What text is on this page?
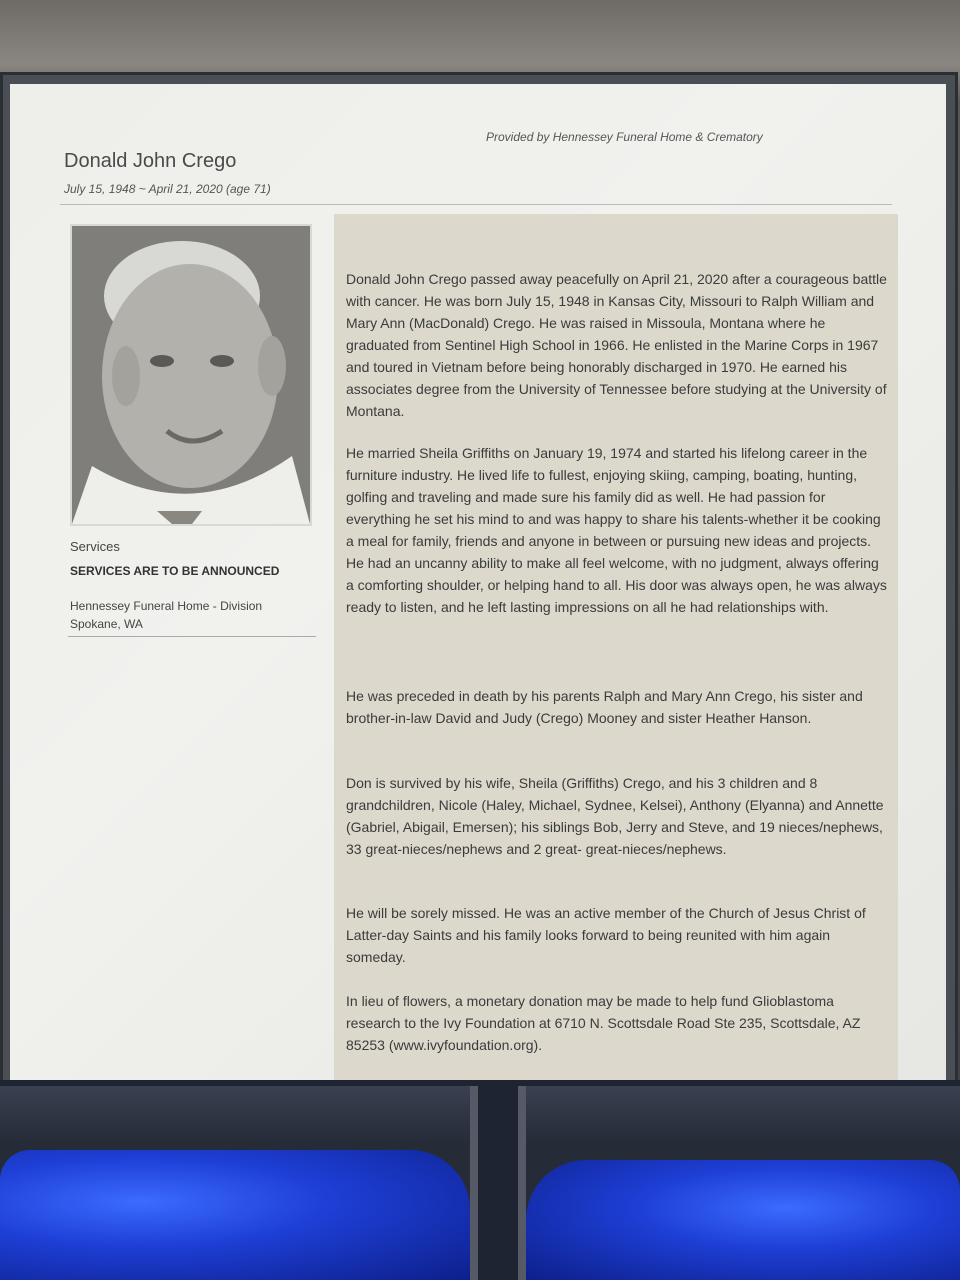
Provided by Hennessey Funeral Home & Crematory
Donald John Crego
July 15, 1948 ~ April 21, 2020 (age 71)
Services
SERVICES ARE TO BE ANNOUNCED
Hennessey Funeral Home - Division
Spokane, WA

Donald John Crego passed away peacefully on April 21, 2020 after a courageous battle with cancer. He was born July 15, 1948 in Kansas City, Missouri to Ralph William and Mary Ann (MacDonald) Crego. He was raised in Missoula, Montana where he graduated from Sentinel High School in 1966. He enlisted in the Marine Corps in 1967 and toured in Vietnam before being honorably discharged in 1970. He earned his associates degree from the University of Tennessee before studying at the University of Montana.

He married Sheila Griffiths on January 19, 1974 and started his lifelong career in the furniture industry. He lived life to fullest, enjoying skiing, camping, boating, hunting, golfing and traveling and made sure his family did as well. He had passion for everything he set his mind to and was happy to share his talents-whether it be cooking a meal for family, friends and anyone in between or pursuing new ideas and projects. He had an uncanny ability to make all feel welcome, with no judgment, always offering a comforting shoulder, or helping hand to all. His door was always open, he was always ready to listen, and he left lasting impressions on all he had relationships with.

He was preceded in death by his parents Ralph and Mary Ann Crego, his sister and brother-in-law David and Judy (Crego) Mooney and sister Heather Hanson.

Don is survived by his wife, Sheila (Griffiths) Crego, and his 3 children and 8 grandchildren, Nicole (Haley, Michael, Sydnee, Kelsei), Anthony (Elyanna) and Annette (Gabriel, Abigail, Emersen); his siblings Bob, Jerry and Steve, and 19 nieces/nephews, 33 great-nieces/nephews and 2 great- great-nieces/nephews.

He will be sorely missed. He was an active member of the Church of Jesus Christ of Latter-day Saints and his family looks forward to being reunited with him again someday.

In lieu of flowers, a monetary donation may be made to help fund Glioblastoma research to the Ivy Foundation at 6710 N. Scottsdale Road Ste 235, Scottsdale, AZ 85253 (www.ivyfoundation.org).
